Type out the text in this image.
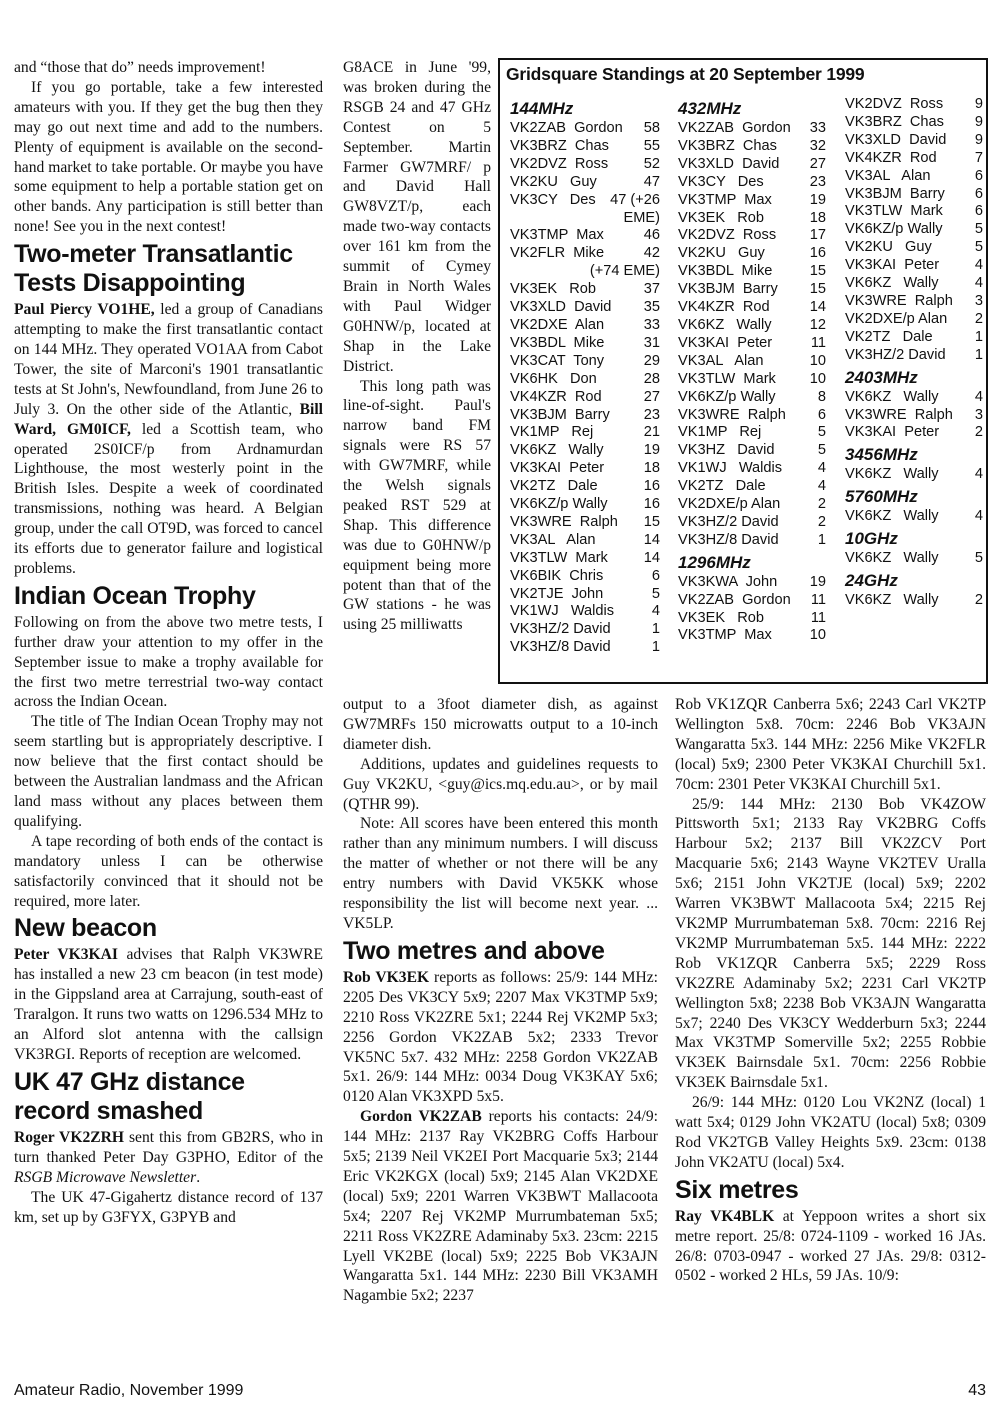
and “those that do” needs improvement!

If you go portable, take a few interested amateurs with you. If they get the bug then they may go out next time and add to the numbers. Plenty of equipment is available on the second-hand market to take portable. Or maybe you have some equipment to help a portable station get on other bands. Any participation is still better than none! See you in the next contest!

Two-meter Transatlantic Tests Disappointing

Paul Piercy VO1HE, led a group of Canadians attempting to make the first transatlantic contact on 144 MHz. They operated VO1AA from Cabot Tower, the site of Marconi's 1901 transatlantic tests at St John's, Newfoundland, from June 26 to July 3. On the other side of the Atlantic, Bill Ward, GM0ICF, led a Scottish team, who operated 2S0ICF/p from Ardnamurdan Lighthouse, the most westerly point in the British Isles. Despite a week of coordinated transmissions, nothing was heard. A Belgian group, under the call OT9D, was forced to cancel its efforts due to generator failure and logistical problems.

Indian Ocean Trophy

Following on from the above two metre tests, I further draw your attention to my offer in the September issue to make a trophy available for the first two metre terrestrial two-way contact across the Indian Ocean.

The title of The Indian Ocean Trophy may not seem startling but is appropriately descriptive. I now believe that the first contact should be between the Australian landmass and the African land mass without any places between them qualifying.

A tape recording of both ends of the contact is mandatory unless I can be otherwise satisfactorily convinced that it should not be required, more later.

New beacon

Peter VK3KAI advises that Ralph VK3WRE has installed a new 23 cm beacon (in test mode) in the Gippsland area at Carrajung, south-east of Traralgon. It runs two watts on 1296.534 MHz to an Alford slot antenna with the callsign VK3RGI. Reports of reception are welcomed.

UK 47 GHz distance record smashed

Roger VK2ZRH sent this from GB2RS, who in turn thanked Peter Day G3PHO, Editor of the RSGB Microwave Newsletter.

The UK 47-Gigahertz distance record of 137 km, set up by G3FYX, G3PYB and

G8ACE in June '99, was broken during the RSGB 24 and 47 GHz Contest on 5 September. Martin Farmer GW7MRF/ p and David Hall GW8VZT/p, each made two-way contacts over 161 km from the summit of Cymey Brain in North Wales with Paul Widger G0HNW/p, located at Shap in the Lake District.

This long path was line-of-sight. Paul's narrow band FM signals were RS 57 with GW7MRF, while the Welsh signals peaked RST 529 at Shap. This difference was due to G0HNW/p equipment being more potent than that of the GW stations - he was using 25 milliwatts

Gridsquare Standings at 20 September 1999
144MHz
VK2ZAB  Gordon 58
VK3BRZ  Chas 55
VK2DVZ  Ross 52
VK2KU   Guy	47
VK3CY   Des 47 (+26
EME)
VK3TMP  Max	46
VK2FLR  Mike	42
(+74 EME)
VK3EK   Rob	37
VK3XLD  David 35
VK2DXE  Alan	33
VK3BDL  Mike	31
VK3CAT  Tony	29
VK6HK   Don	28
VK4KZR  Rod	27
VK3BJM  Barry 23
VK1MP   Rej	21
VK6KZ   Wally	19
VK3KAI  Peter	18
VK2TZ   Dale	16
VK6KZ/p Wally 16
VK3WRE  Ralph 15
VK3AL   Alan	14
VK3TLW  Mark 14
VK6BIK  Chris	6
VK2TJE  John	5
VK1WJ   Waldis	4
VK3HZ/2 David	1
VK3HZ/8 David	1
432MHz
VK2ZAB  Gordon 33
VK3BRZ  Chas 32
VK3XLD  David 27
VK3CY   Des	23
VK3TMP  Max	19
VK3EK   Rob	18
VK2DVZ  Ross 17
VK2KU   Guy	16
VK3BDL  Mike	15
VK3BJM  Barry 15
VK4KZR  Rod	14
VK6KZ   Wally	12
VK3KAI  Peter	11
VK3AL   Alan	10
VK3TLW  Mark 10
VK6KZ/p Wally	8
VK3WRE  Ralph 6
VK1MP   Rej	5
VK3HZ   David	5
VK1WJ   Waldis 4
VK2TZ   Dale	4
VK2DXE/p Alan	2
VK3HZ/2 David	2
VK3HZ/8 David	1
1296MHz
VK3KWA  John 19
VK2ZAB  Gordon 11
VK3EK   Rob	11
VK3TMP  Max	10
VK2DVZ  Ross 9
VK3BRZ  Chas 9
VK3XLD  David 9
VK4KZR  Rod	7
VK3AL   Alan	6
VK3BJM  Barry 6
VK3TLW  Mark 6
VK6KZ/p Wally 5
VK2KU   Guy	5
VK3KAI  Peter 4
VK6KZ   Wally 4
VK3WRE  Ralph 3
VK2DXE/p Alan 2
VK2TZ   Dale	1
VK3HZ/2 David 1
2403MHz
VK6KZ   Wally 4
VK3WRE  Ralph 3
VK3KAI  Peter 2
3456MHz
VK6KZ   Wally 4
5760MHz
VK6KZ   Wally 4
10GHz
VK6KZ   Wally 5
24GHz
VK6KZ   Wally 2

output to a 3foot diameter dish, as against GW7MRFs 150 microwatts output to a 10-inch diameter dish.

Additions, updates and guidelines requests to Guy VK2KU, <guy@ics.mq.edu.au>, or by mail (QTHR 99).

Note: All scores have been entered this month rather than any minimum numbers. I will discuss the matter of whether or not there will be any entry numbers with David VK5KK whose responsibility the list will become next year. ... VK5LP.

Two metres and above

Rob VK3EK reports as follows: 25/9: 144 MHz: 2205 Des VK3CY 5x9; 2207 Max VK3TMP 5x9; 2210 Ross VK2ZRE 5x1; 2244 Rej VK2MP 5x3; 2256 Gordon VK2ZAB 5x2; 2333 Trevor VK5NC 5x7. 432 MHz: 2258 Gordon VK2ZAB 5x1. 26/9: 144 MHz: 0034 Doug VK3KAY 5x6; 0120 Alan VK3XPD 5x5.

Gordon VK2ZAB reports his contacts: 24/9: 144 MHz: 2137 Ray VK2BRG Coffs Harbour 5x5; 2139 Neil VK2EI Port Macquarie 5x3; 2144 Eric VK2KGX (local) 5x9; 2145 Alan VK2DXE (local) 5x9; 2201 Warren VK3BWT Mallacoota 5x4; 2207 Rej VK2MP Murrumbateman 5x5; 2211 Ross VK2ZRE Adaminaby 5x3. 23cm: 2215 Lyell VK2BE (local) 5x9; 2225 Bob VK3AJN Wangaratta 5x1. 144 MHz: 2230 Bill VK3AMH Nagambie 5x2; 2237

Rob VK1ZQR Canberra 5x6; 2243 Carl VK2TP Wellington 5x8. 70cm: 2246 Bob VK3AJN Wangaratta 5x3. 144 MHz: 2256 Mike VK2FLR (local) 5x9; 2300 Peter VK3KAI Churchill 5x1. 70cm: 2301 Peter VK3KAI Churchill 5x1.

25/9: 144 MHz: 2130 Bob VK4ZOW Pittsworth 5x1; 2133 Ray VK2BRG Coffs Harbour 5x2; 2137 Bill VK2ZCV Port Macquarie 5x6; 2143 Wayne VK2TEV Uralla 5x6; 2151 John VK2TJE (local) 5x9; 2202 Warren VK3BWT Mallacoota 5x4; 2215 Rej VK2MP Murrumbateman 5x8. 70cm: 2216 Rej VK2MP Murrumbateman 5x5. 144 MHz: 2222 Rob VK1ZQR Canberra 5x5; 2229 Ross VK2ZRE Adaminaby 5x2; 2231 Carl VK2TP Wellington 5x8; 2238 Bob VK3AJN Wangaratta 5x7; 2240 Des VK3CY Wedderburn 5x3; 2244 Max VK3TMP Somerville 5x2; 2255 Robbie VK3EK Bairnsdale 5x1. 70cm: 2256 Robbie VK3EK Bairnsdale 5x1.

26/9: 144 MHz: 0120 Lou VK2NZ (local) 1 watt 5x4; 0129 John VK2ATU (local) 5x8; 0309 Rod VK2TGB Valley Heights 5x9. 23cm: 0138 John VK2ATU (local) 5x4.

Six metres

Ray VK4BLK at Yeppoon writes a short six metre report. 25/8: 0724-1109 - worked 16 JAs. 26/8: 0703-0947 - worked 27 JAs. 29/8: 0312-0502 - worked 2 HLs, 59 JAs. 10/9:

Amateur Radio, November 1999	43
